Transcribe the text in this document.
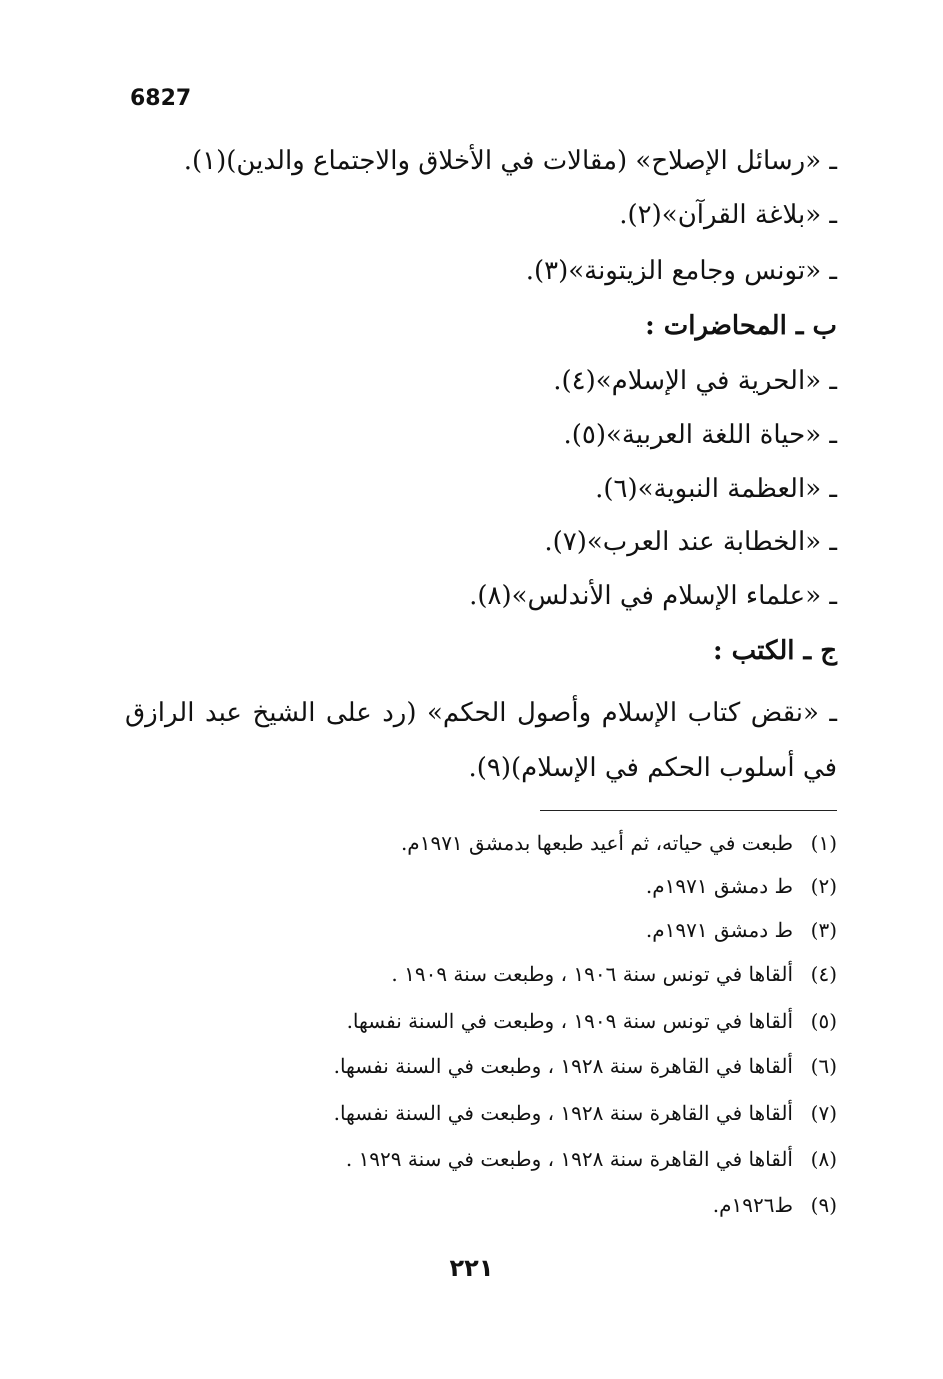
6827
ـ «رسائل الإصلاح» (مقالات في الأخلاق والاجتماع والدين)(١).
ـ «بلاغة القرآن»(٢).
ـ «تونس وجامع الزيتونة»(٣).
ب ـ المحاضرات :
ـ «الحرية في الإسلام»(٤).
ـ «حياة اللغة العربية»(٥).
ـ «العظمة النبوية»(٦).
ـ «الخطابة عند العرب»(٧).
ـ «علماء الإسلام في الأندلس»(٨).
ج ـ الكتب :
ـ «نقض كتاب الإسلام وأصول الحكم» (رد على الشيخ عبد الرازق في أسلوب الحكم في الإسلام)(٩).
(١)طبعت في حياته، ثم أعيد طبعها بدمشق ١٩٧١م.
(٢)ط دمشق ١٩٧١م.
(٣)ط دمشق ١٩٧١م.
(٤)ألقاها في تونس سنة ١٩٠٦ ، وطبعت سنة ١٩٠٩ .
(٥)ألقاها في تونس سنة ١٩٠٩ ، وطبعت في السنة نفسها.
(٦)ألقاها في القاهرة سنة ١٩٢٨ ، وطبعت في السنة نفسها.
(٧)ألقاها في القاهرة سنة ١٩٢٨ ، وطبعت في السنة نفسها.
(٨)ألقاها في القاهرة سنة ١٩٢٨ ، وطبعت في سنة ١٩٢٩ .
(٩)ط١٩٢٦م.
٢٢١
